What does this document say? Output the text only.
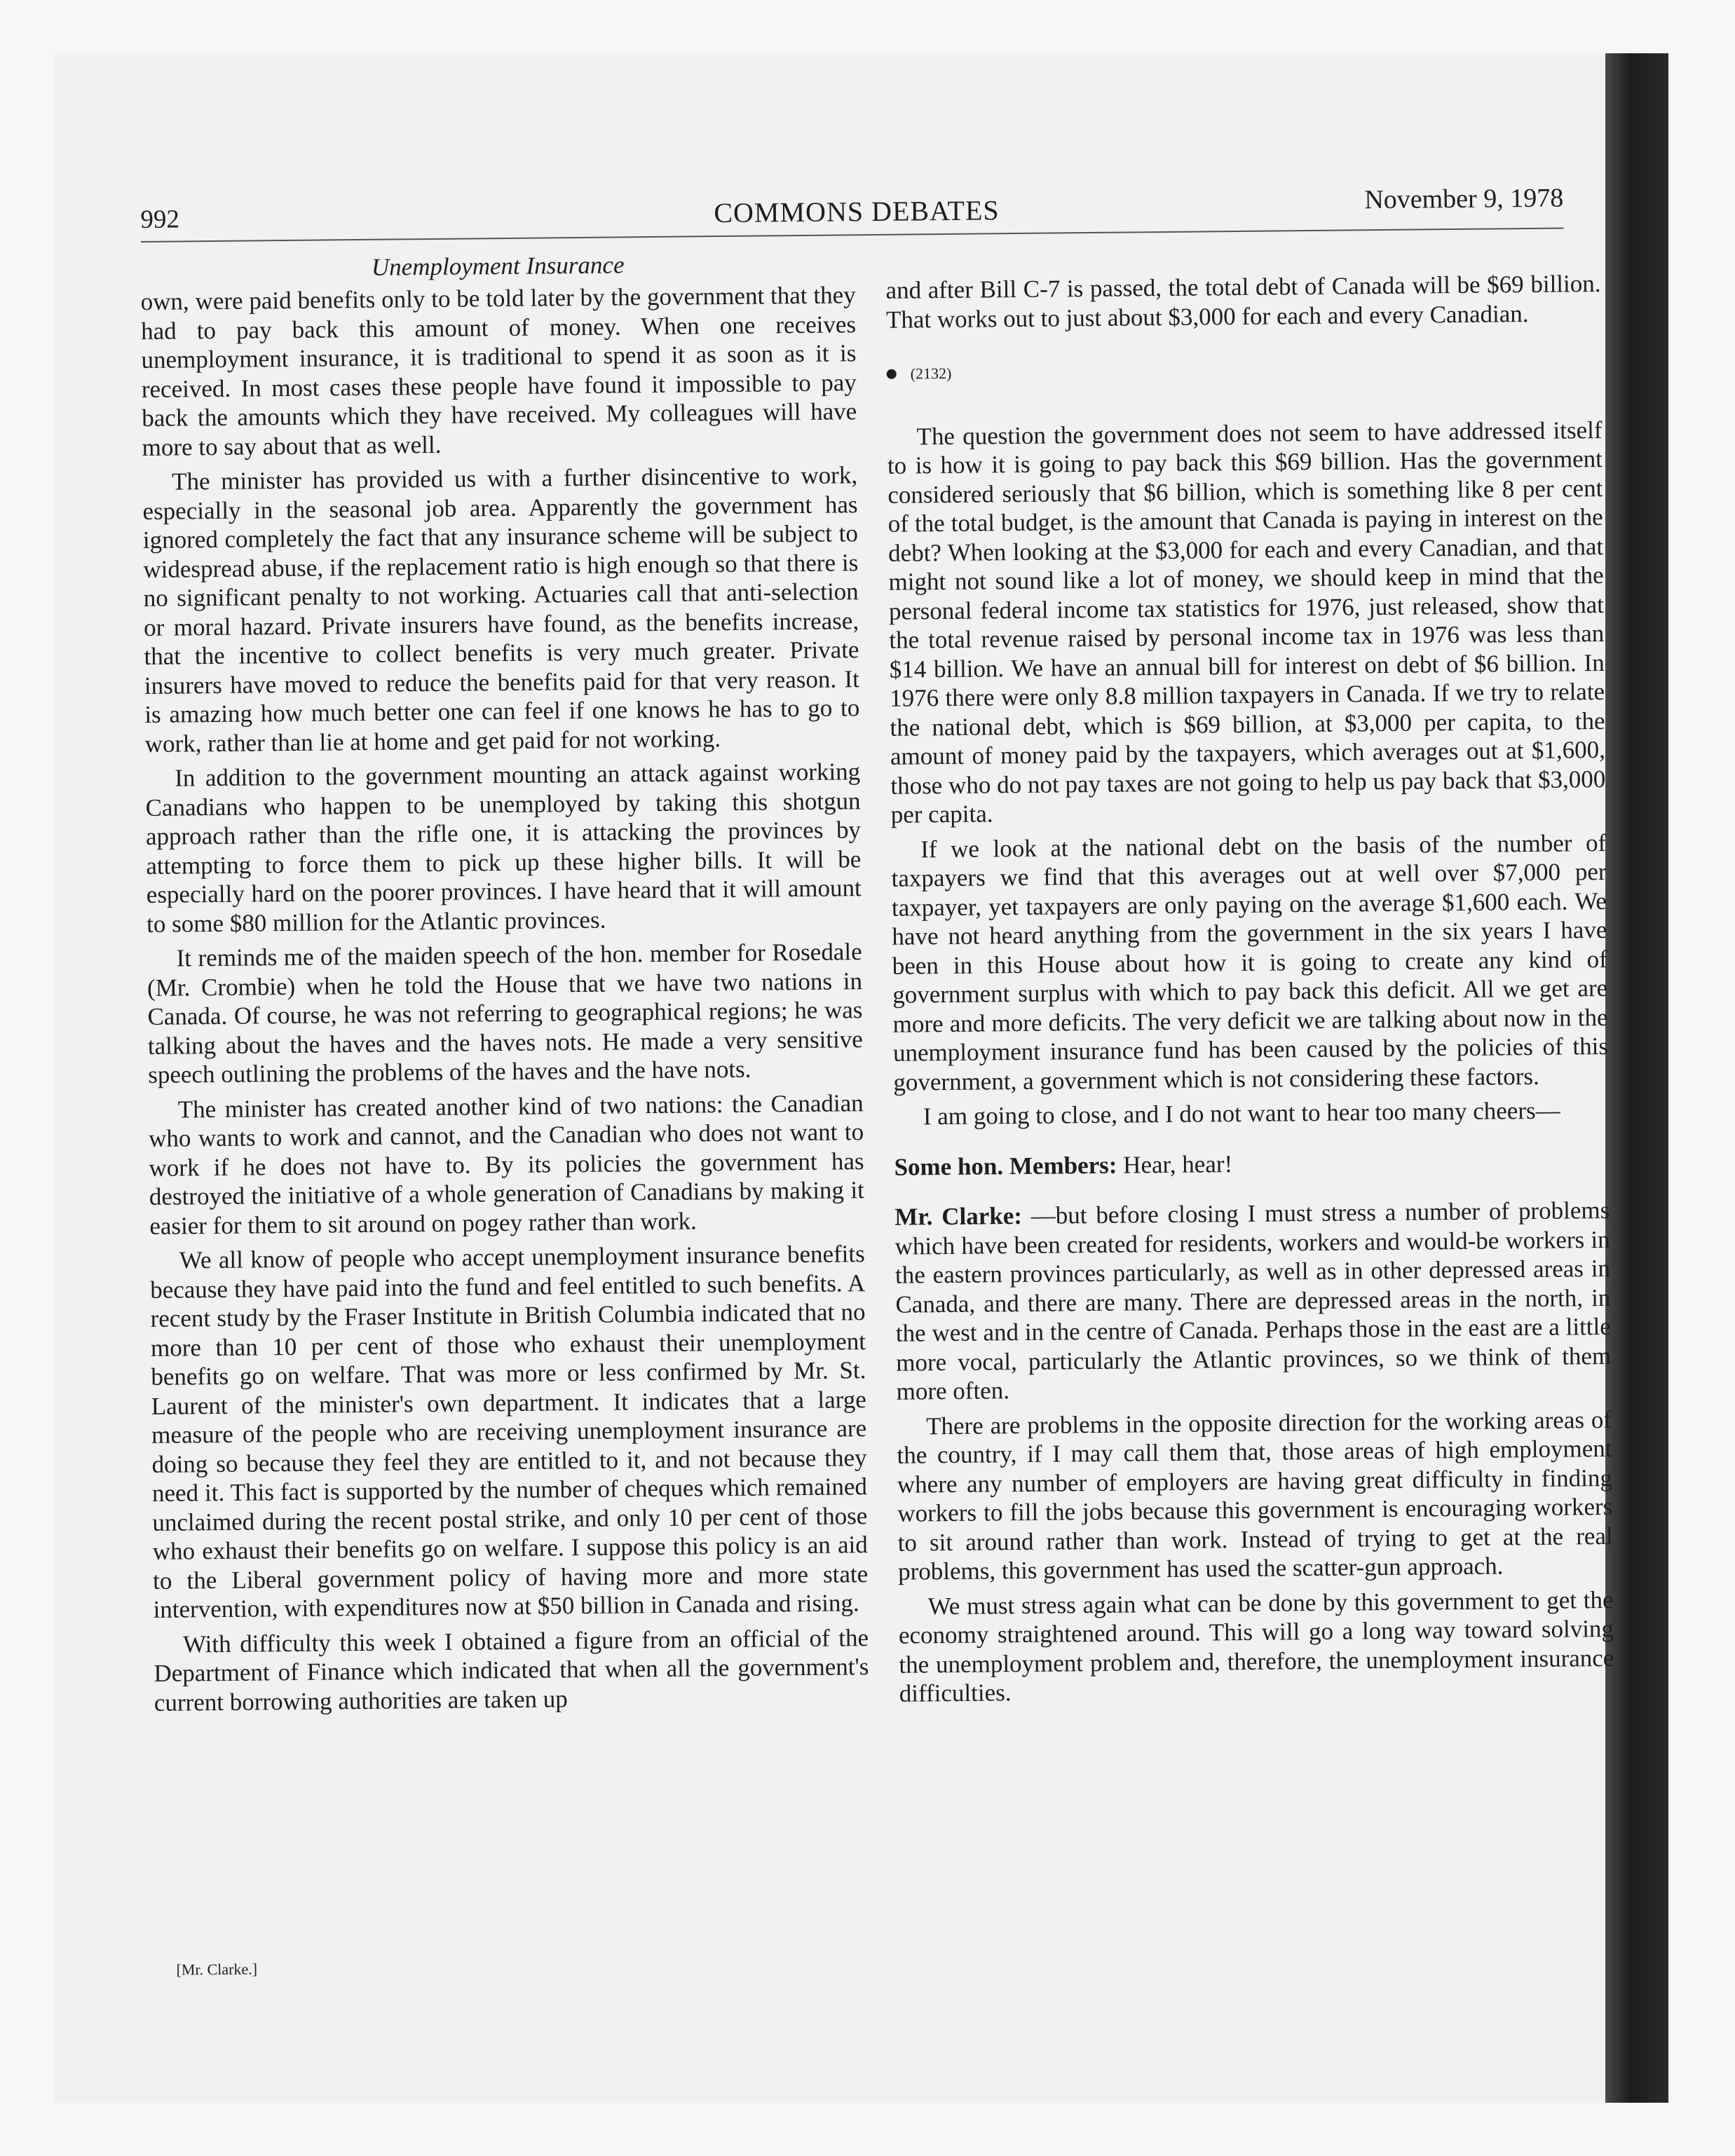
992	COMMONS DEBATES	November 9, 1978
Unemployment Insurance

own, were paid benefits only to be told later by the government that they had to pay back this amount of money. When one receives unemployment insurance, it is traditional to spend it as soon as it is received. In most cases these people have found it impossible to pay back the amounts which they have received. My colleagues will have more to say about that as well.

The minister has provided us with a further disincentive to work, especially in the seasonal job area. Apparently the government has ignored completely the fact that any insurance scheme will be subject to widespread abuse, if the replacement ratio is high enough so that there is no significant penalty to not working. Actuaries call that anti-selection or moral hazard. Private insurers have found, as the benefits increase, that the incentive to collect benefits is very much greater. Private insurers have moved to reduce the benefits paid for that very reason. It is amazing how much better one can feel if one knows he has to go to work, rather than lie at home and get paid for not working.

In addition to the government mounting an attack against working Canadians who happen to be unemployed by taking this shotgun approach rather than the rifle one, it is attacking the provinces by attempting to force them to pick up these higher bills. It will be especially hard on the poorer provinces. I have heard that it will amount to some $80 million for the Atlantic provinces.

It reminds me of the maiden speech of the hon. member for Rosedale (Mr. Crombie) when he told the House that we have two nations in Canada. Of course, he was not referring to geographical regions; he was talking about the haves and the haves nots. He made a very sensitive speech outlining the problems of the haves and the have nots.

The minister has created another kind of two nations: the Canadian who wants to work and cannot, and the Canadian who does not want to work if he does not have to. By its policies the government has destroyed the initiative of a whole generation of Canadians by making it easier for them to sit around on pogey rather than work.

We all know of people who accept unemployment insurance benefits because they have paid into the fund and feel entitled to such benefits. A recent study by the Fraser Institute in British Columbia indicated that no more than 10 per cent of those who exhaust their unemployment benefits go on welfare. That was more or less confirmed by Mr. St. Laurent of the minister's own department. It indicates that a large measure of the people who are receiving unemployment insurance are doing so because they feel they are entitled to it, and not because they need it. This fact is supported by the number of cheques which remained unclaimed during the recent postal strike, and only 10 per cent of those who exhaust their benefits go on welfare. I suppose this policy is an aid to the Liberal government policy of having more and more state intervention, with expenditures now at $50 billion in Canada and rising.

With difficulty this week I obtained a figure from an official of the Department of Finance which indicated that when all the government's current borrowing authorities are taken up

[Mr. Clarke.]

and after Bill C-7 is passed, the total debt of Canada will be $69 billion. That works out to just about $3,000 for each and every Canadian.

(2132)

The question the government does not seem to have addressed itself to is how it is going to pay back this $69 billion. Has the government considered seriously that $6 billion, which is something like 8 per cent of the total budget, is the amount that Canada is paying in interest on the debt? When looking at the $3,000 for each and every Canadian, and that might not sound like a lot of money, we should keep in mind that the personal federal income tax statistics for 1976, just released, show that the total revenue raised by personal income tax in 1976 was less than $14 billion. We have an annual bill for interest on debt of $6 billion. In 1976 there were only 8.8 million taxpayers in Canada. If we try to relate the national debt, which is $69 billion, at $3,000 per capita, to the amount of money paid by the taxpayers, which averages out at $1,600, those who do not pay taxes are not going to help us pay back that $3,000 per capita.

If we look at the national debt on the basis of the number of taxpayers we find that this averages out at well over $7,000 per taxpayer, yet taxpayers are only paying on the average $1,600 each. We have not heard anything from the government in the six years I have been in this House about how it is going to create any kind of government surplus with which to pay back this deficit. All we get are more and more deficits. The very deficit we are talking about now in the unemployment insurance fund has been caused by the policies of this government, a government which is not considering these factors.

I am going to close, and I do not want to hear too many cheers—

Some hon. Members: Hear, hear!

Mr. Clarke: —but before closing I must stress a number of problems which have been created for residents, workers and would-be workers in the eastern provinces particularly, as well as in other depressed areas in Canada, and there are many. There are depressed areas in the north, in the west and in the centre of Canada. Perhaps those in the east are a little more vocal, particularly the Atlantic provinces, so we think of them more often.

There are problems in the opposite direction for the working areas of the country, if I may call them that, those areas of high employment where any number of employers are having great difficulty in finding workers to fill the jobs because this government is encouraging workers to sit around rather than work. Instead of trying to get at the real problems, this government has used the scatter-gun approach.

We must stress again what can be done by this government to get the economy straightened around. This will go a long way toward solving the unemployment problem and, therefore, the unemployment insurance difficulties.
